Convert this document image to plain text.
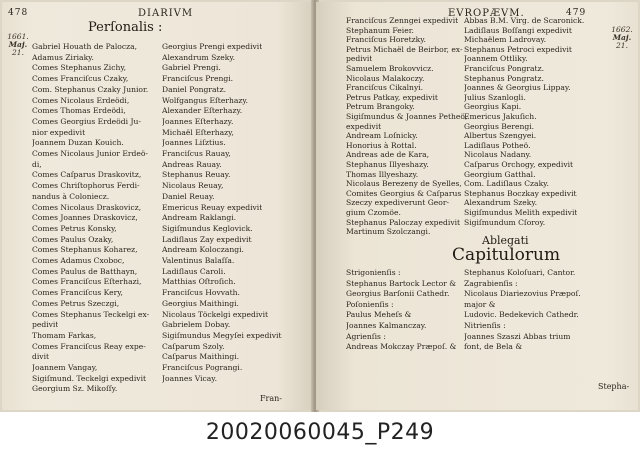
478	DIARIVM
1661.
Maj.
21.
Perſonalis :
Gabriel Houath de Palocza,
Adamus Ziriaky.
Comes Stephanus Zichy,
Comes Franciſcus Czaky,
Com. Stephanus Czaky Junior.
Comes Nicolaus Erdeödi,
Comes Thomas Erdeödi,
Comes Georgius Erdeödi Ju-
nior expedivit
Joannem Duzan Kouich.
Comes Nicolaus Junior Erdeö-
di,
Comes Caſparus Draskovitz,
Comes Chriſtophorus Ferdi-
nandus à Coloniecz.
Comes Nicolaus Draskovicz,
Comes Joannes Draskovicz,
Comes Petrus Konsky,
Comes Paulus Ozaky,
Comes Stephanus Koharez,
Comes Adamus Cxoboc,
Comes Paulus de Batthayn,
Comes Franciſcus Eſterhazi,
Comes Franciſcus Kery,
Comes Petrus Szeczgi,
Comes Stephanus Teckelgi ex-
pedivit
Thomam Farkas,
Comes Franciſcus Reay expe-
divit
Joannem Vangay,
Sigiſmund. Teckelgi expedivit
Georgium Sz. Mikoſſy.
Georgius Prengi expedivit
Alexandrum Szeky.
Gabriel Prengi.
Franciſcus Prengi.
Daniel Pongratz.
Wolfgangus Eſterhazy.
Alexander Eſterhazy.
Joannes Eſterhazy.
Michaël Eſterhazy,
Joannes Liſztius.
Franciſcus Rauay,
Andreas Rauay.
Stephanus Reuay.
Nicolaus Reuay,
Daniel Reuay.
Emericus Reuay expedivit
Andream Raklangi.
Sigiſmundus Keglovick.
Ladiſlaus Zay expedivit
Andream Koloczangi.
Valentinus Balaſſa.
Ladiſlaus Caroli.
Matthias Oſtroſich.
Franciſcus Hovvath.
Georgius Maithingi.
Nicolaus Töckelgi expedivit
Gabrielem Dobay.
Sigiſmundus Megyſei expedivit
Caſparum Szoly.
Caſparus Maithingi.
Franciſcus Pograngi.
Joannes Vicay.
Fran-
EVROPÆVM.	479
1662.
Maj.
21.
Franciſcus Zenngei expedivit
Stephanum Feier.
Franciſcus Horetzky.
Petrus Michaël de Beirbor, ex-
pedivit
Samuelem Brokovvicz.
Nicolaus Malakoczy.
Franciſcus Cikalnyi.
Petrus Patkay, expedivit
Petrum Brangoky.
Sigiſmundus & Joannes Petheö,
expedivit
Andream Loſnicky.
Honorius à Rottal.
Andreas ade de Kara,
Stephanus Illyeshazy.
Thomas Illyeshazy.
Nicolaus Berezeny de Syelles,
Comites Georgius & Caſparus
Szeczy expediverunt Geor-
gium Czomöe.
Stephanus Paloczay expedivit
Martinum Szolczangi.
Abbas B.M. Virg. de Scaronick.
Ladiſlaus Boſſangi expedivit
Michaëlem Ladrovay.
Stephanus Petroci expedivit
Joannem Ottliky.
Franciſcus Pongratz.
Stephanus Pongratz.
Joannes & Georgius Lippay.
Julius Szanlogli.
Georgius Kapi.
Emericus Jakuſich.
Georgius Berengi.
Albertus Szengyei.
Ladiſlaus Potheö.
Nicolaus Nadany.
Caſparus Orchogy, expedivit
Georgium Gatthal.
Com. Ladiſlaus Czaky.
Stephanus Boczkay expedivit
Alexandrum Szeky.
Sigiſmundus Melith expedivit
Sigiſmundum Cſoroy.
Ablegati
Capitulorum
Strigonienſis :
Stephanus Bartock Lector &
Georgius Barſonii Cathedr.
Poſonienſis :
Paulus Meheſs &
Joannes Kalmanczay.
Agrienſis :
Andreas Mokczay Præpoſ. &
Stephanus Koloſuari, Cantor.
Zagrabienſis :
Nicolaus Diariezovius Præpoſ.
major &
Ludovic. Bedekevich Cathedr.
Nitrienſis :
Joannes Szaszi Abbas trium
font, de Bela &
Stepha-
20020060045_P249
